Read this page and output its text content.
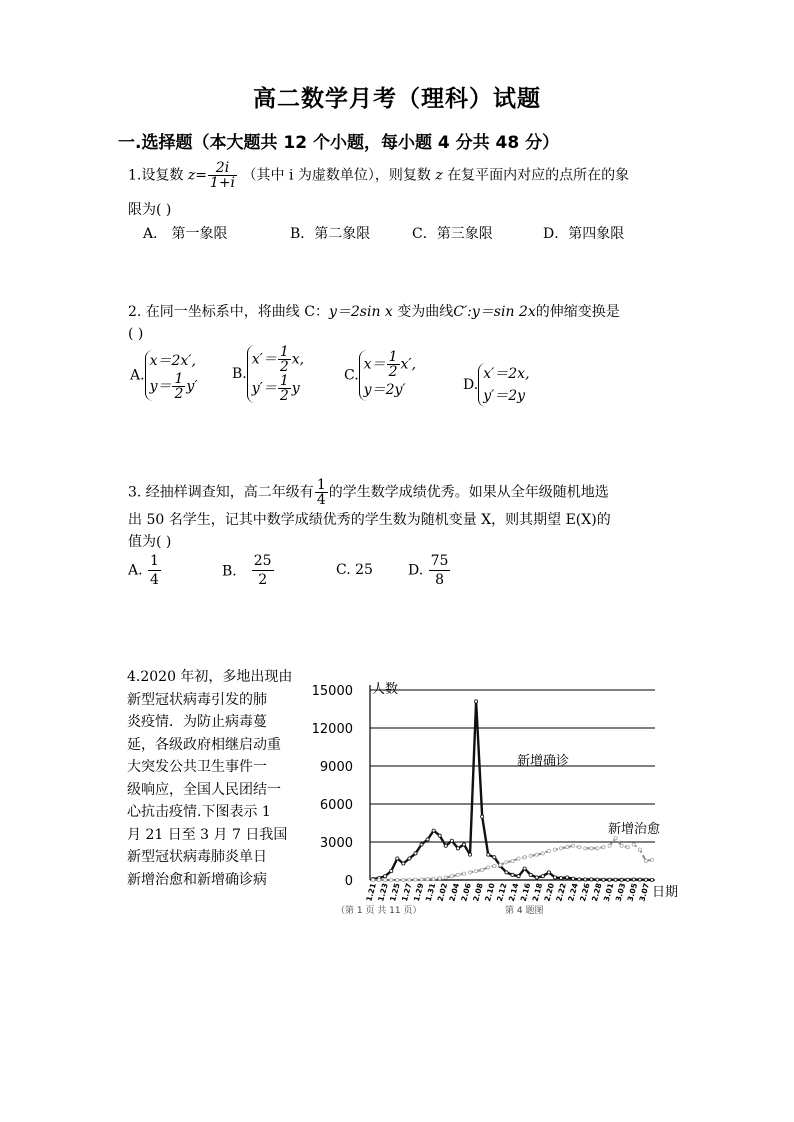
高二数学月考（理科）试题
一.选择题（本大题共 12 个小题，每小题 4 分共 48 分）
1.设复数 $z= \frac{2i}{1+i}$ （其中 i 为虚数单位），则复数 z 在复平面内对应的点所在的象
限为( )
A． 第一象限	B．第二象限	C．第三象限	D．第四象限
2. 在同一坐标系中，将曲线 C：y＝2sin x 变为曲线C′:y＝sin 2x的伸缩变换是
( )
A.
x＝2x′,
$y= \frac{1}{2} y'$
B.
$x'= \frac{1}{2} x$,
$y'= \frac{1}{2}$ y
C.
$x= \frac{1}{2} x'$,
y＝2y′	D.
x′＝2x,
y′＝2y
3. 经抽样调查知，高二年级有 $\frac{1}{4}$ 的学生数学成绩优秀。如果从全年级随机地选
出 50 名学生，记其中数学成绩优秀的学生数为随机变量 X，则其期望 E(X)的
值为( )
A. $\frac{1}{4}$	B． $\frac{25}{2}$	C. 25	D. $\frac{75}{8}$
4.2020 年初，多地出现由
新型冠状病毒引发的肺
炎疫情．为防止病毒蔓
延，各级政府相继启动重
大突发公共卫生事件一
级响应，全国人民团结一
心抗击疫情.下图表示 1
月 21 日至 3 月 7 日我国
新型冠状病毒肺炎单日
新增治愈和新增确诊病
15000
12000
9000
6000
3000
0
1.21
1.23
1.25
1.27
1.29
1.31
2.02
2.04
2.06
2.08
2.10
2.12
2.14
2.16
2.18
2.20
2.22
2.24
2.26
2.28
3.01
3.03
3.05
3.07
人数
日期
新增确诊
新增治愈
（第 1 页 共 11 页）	第 4 题图
